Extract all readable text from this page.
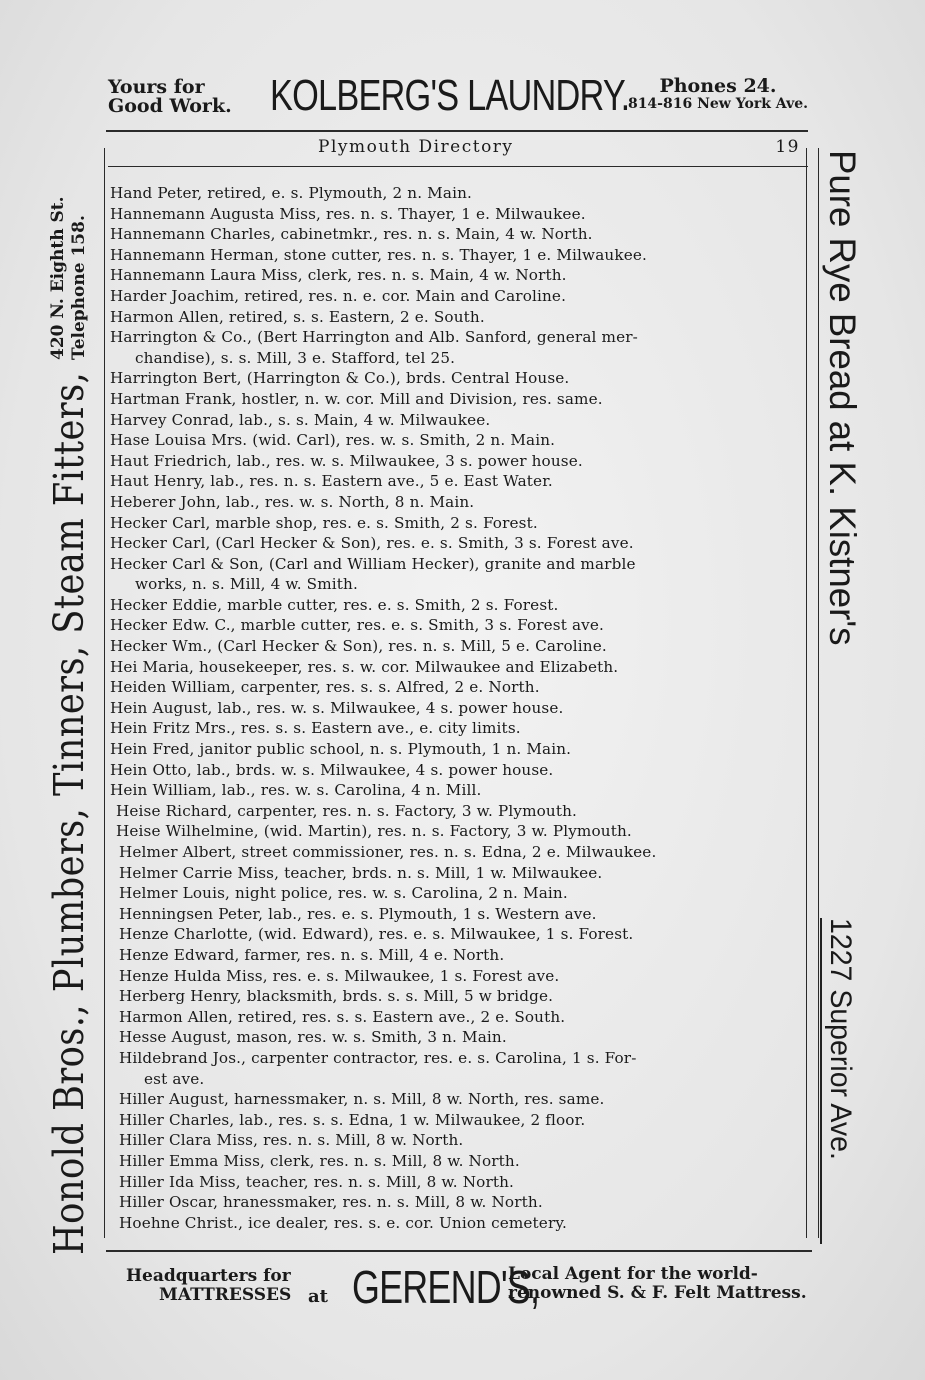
Yours for
Good Work. KOLBERG'S LAUNDRY.	Phones 24.
814-816 New York Ave.
Plymouth Directory	19
Honold Bros., Plumbers, Tinners, Steam Fitters,
420 N. Eighth St. Telephone 158.	Pure Rye Bread at K. Kistner's
1227 Superior Ave.
Hand Peter, retired, e. s. Plymouth, 2 n. Main.
Hannemann Augusta Miss, res. n. s. Thayer, 1 e. Milwaukee.
Hannemann Charles, cabinetmkr., res. n. s. Main, 4 w. North.
Hannemann Herman, stone cutter, res. n. s. Thayer, 1 e. Milwaukee.
Hannemann Laura Miss, clerk, res. n. s. Main, 4 w. North.
Harder Joachim, retired, res. n. e. cor. Main and Caroline.
Harmon Allen, retired, s. s. Eastern, 2 e. South.
Harrington & Co., (Bert Harrington and Alb. Sanford, general mer-
chandise), s. s. Mill, 3 e. Stafford, tel 25.
Harrington Bert, (Harrington & Co.), brds. Central House.
Hartman Frank, hostler, n. w. cor. Mill and Division, res. same.
Harvey Conrad, lab., s. s. Main, 4 w. Milwaukee.
Hase Louisa Mrs. (wid. Carl), res. w. s. Smith, 2 n. Main.
Haut Friedrich, lab., res. w. s. Milwaukee, 3 s. power house.
Haut Henry, lab., res. n. s. Eastern ave., 5 e. East Water.
Heberer John, lab., res. w. s. North, 8 n. Main.
Hecker Carl, marble shop, res. e. s. Smith, 2 s. Forest.
Hecker Carl, (Carl Hecker & Son), res. e. s. Smith, 3 s. Forest ave.
Hecker Carl & Son, (Carl and William Hecker), granite and marble
works, n. s. Mill, 4 w. Smith.
Hecker Eddie, marble cutter, res. e. s. Smith, 2 s. Forest.
Hecker Edw. C., marble cutter, res. e. s. Smith, 3 s. Forest ave.
Hecker Wm., (Carl Hecker & Son), res. n. s. Mill, 5 e. Caroline.
Hei Maria, housekeeper, res. s. w. cor. Milwaukee and Elizabeth.
Heiden William, carpenter, res. s. s. Alfred, 2 e. North.
Hein August, lab., res. w. s. Milwaukee, 4 s. power house.
Hein Fritz Mrs., res. s. s. Eastern ave., e. city limits.
Hein Fred, janitor public school, n. s. Plymouth, 1 n. Main.
Hein Otto, lab., brds. w. s. Milwaukee, 4 s. power house.
Hein William, lab., res. w. s. Carolina, 4 n. Mill.
Heise Richard, carpenter, res. n. s. Factory, 3 w. Plymouth.
Heise Wilhelmine, (wid. Martin), res. n. s. Factory, 3 w. Plymouth.
Helmer Albert, street commissioner, res. n. s. Edna, 2 e. Milwaukee.
Helmer Carrie Miss, teacher, brds. n. s. Mill, 1 w. Milwaukee.
Helmer Louis, night police, res. w. s. Carolina, 2 n. Main.
Henningsen Peter, lab., res. e. s. Plymouth, 1 s. Western ave.
Henze Charlotte, (wid. Edward), res. e. s. Milwaukee, 1 s. Forest.
Henze Edward, farmer, res. n. s. Mill, 4 e. North.
Henze Hulda Miss, res. e. s. Milwaukee, 1 s. Forest ave.
Herberg Henry, blacksmith, brds. s. s. Mill, 5 w bridge.
Harmon Allen, retired, res. s. s. Eastern ave., 2 e. South.
Hesse August, mason, res. w. s. Smith, 3 n. Main.
Hildebrand Jos., carpenter contractor, res. e. s. Carolina, 1 s. For-
est ave.
Hiller August, harnessmaker, n. s. Mill, 8 w. North, res. same.
Hiller Charles, lab., res. s. s. Edna, 1 w. Milwaukee, 2 floor.
Hiller Clara Miss, res. n. s. Mill, 8 w. North.
Hiller Emma Miss, clerk, res. n. s. Mill, 8 w. North.
Hiller Ida Miss, teacher, res. n. s. Mill, 8 w. North.
Hiller Oscar, hranessmaker, res. n. s. Mill, 8 w. North.
Hoehne Christ., ice dealer, res. s. e. cor. Union cemetery.
Headquarters for
MATTRESSES at GEREND'S,
Local Agent for the world-
renowned S. & F. Felt Mattress.
